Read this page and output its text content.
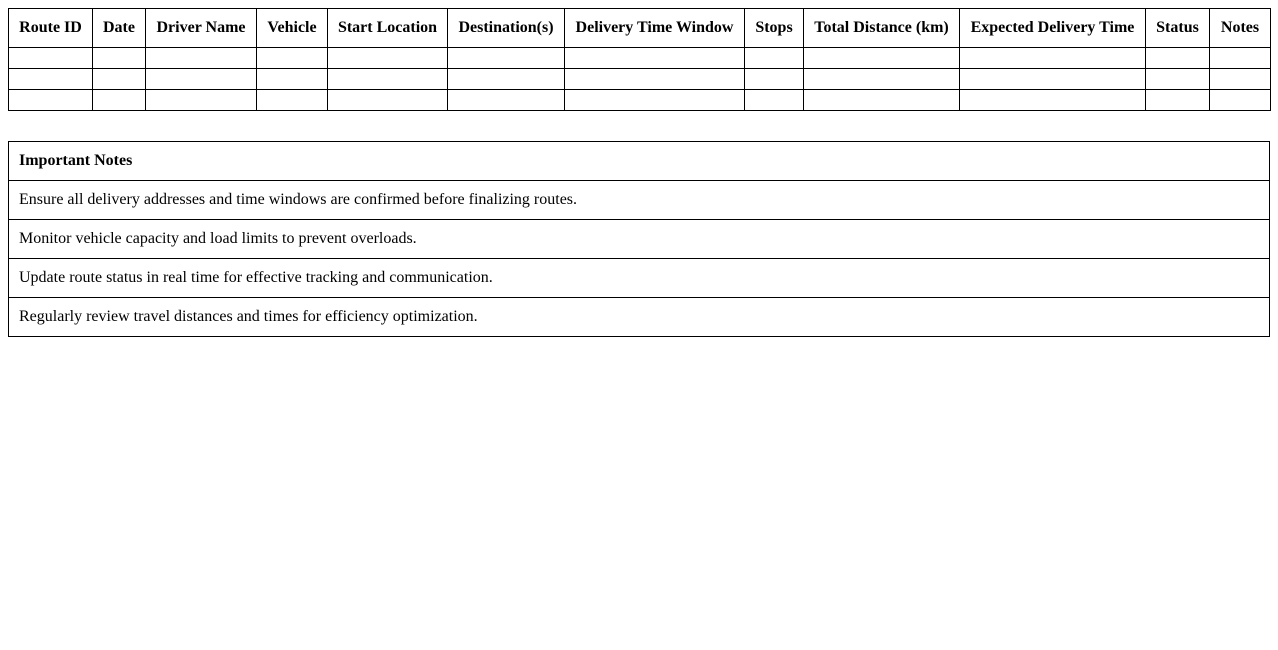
Route ID	Date	Driver Name	Vehicle	Start Location	Destination(s)	Delivery Time Window	Stops	Total Distance (km)	Expected Delivery Time	Status	Notes

Important Notes
Ensure all delivery addresses and time windows are confirmed before finalizing routes.
Monitor vehicle capacity and load limits to prevent overloads.
Update route status in real time for effective tracking and communication.
Regularly review travel distances and times for efficiency optimization.
